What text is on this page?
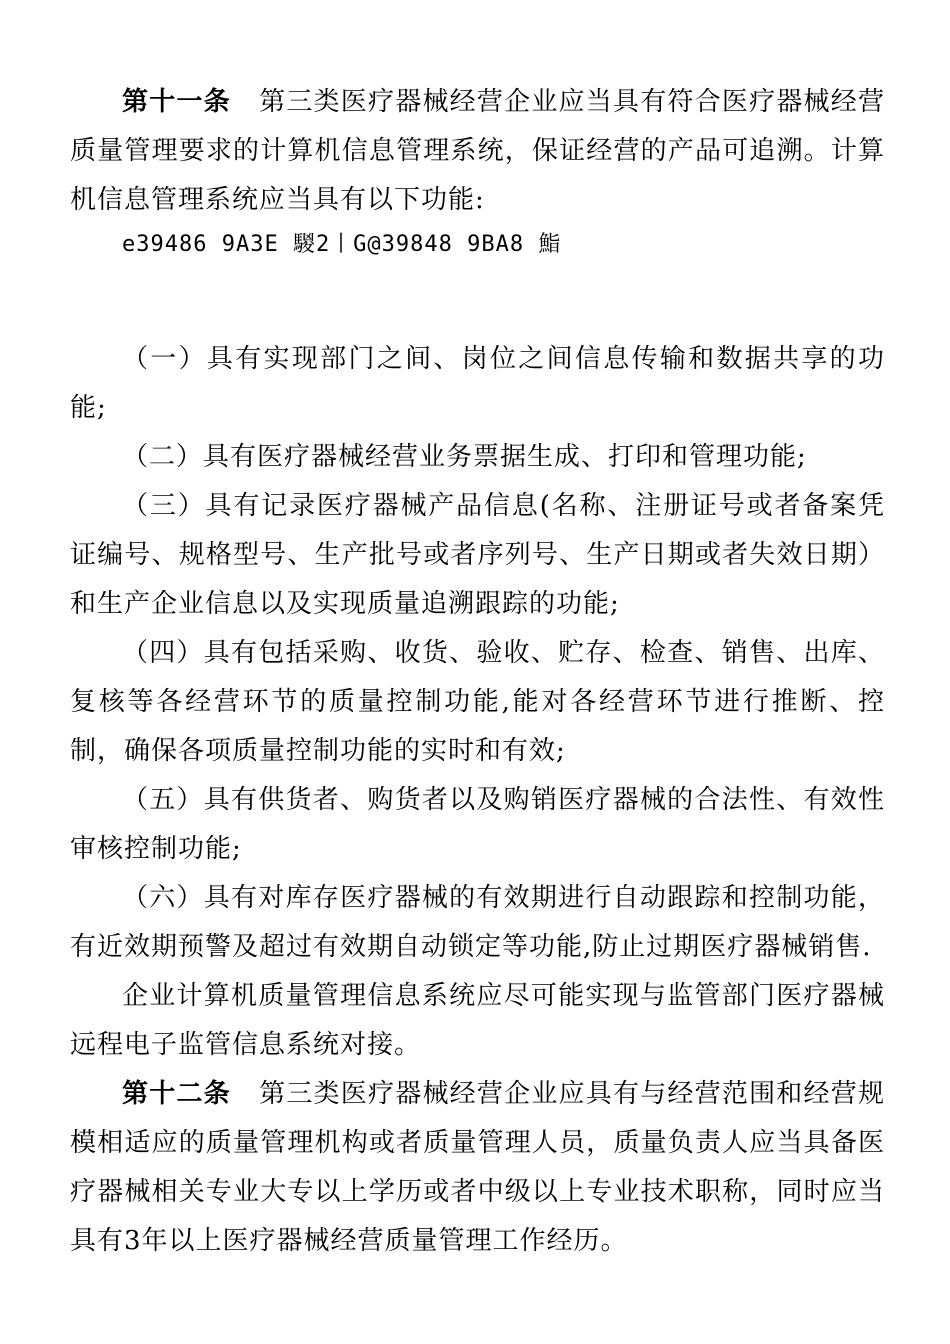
第十一条 第三类医疗器械经营企业应当具有符合医疗器械经营质量管理要求的计算机信息管理系统，保证经营的产品可追溯。计算机信息管理系统应当具有以下功能:

e39486 9A3E 騣2丨G@39848 9BA8 鮨

（一）具有实现部门之间、岗位之间信息传输和数据共享的功能;

（二）具有医疗器械经营业务票据生成、打印和管理功能;

（三）具有记录医疗器械产品信息(名称、注册证号或者备案凭证编号、规格型号、生产批号或者序列号、生产日期或者失效日期）和生产企业信息以及实现质量追溯跟踪的功能;

（四）具有包括采购、收货、验收、贮存、检查、销售、出库、复核等各经营环节的质量控制功能,能对各经营环节进行推断、控制，确保各项质量控制功能的实时和有效;

（五）具有供货者、购货者以及购销医疗器械的合法性、有效性审核控制功能;

（六）具有对库存医疗器械的有效期进行自动跟踪和控制功能，有近效期预警及超过有效期自动锁定等功能,防止过期医疗器械销售.

企业计算机质量管理信息系统应尽可能实现与监管部门医疗器械远程电子监管信息系统对接。

第十二条 第三类医疗器械经营企业应具有与经营范围和经营规模相适应的质量管理机构或者质量管理人员，质量负责人应当具备医疗器械相关专业大专以上学历或者中级以上专业技术职称，同时应当具有3年以上医疗器械经营质量管理工作经历。
